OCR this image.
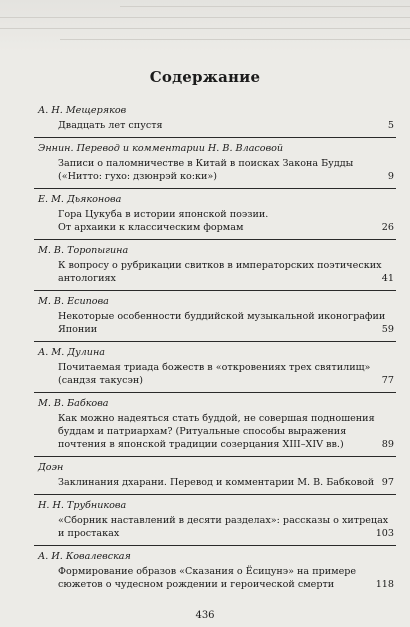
Содержание
А. Н. Мещеряков
Двадцать лет спустя	5
Эннин. Перевод и комментарии Н. В. Власовой
Записи о паломничестве в Китай в поисках Закона Будды
(«Нитто: гухо: дзюнрэй ко:ки»)	9
Е. М. Дьяконова
Гора Цукуба в истории японской поэзии.
От архаики к классическим формам	26
М. В. Торопыгина
К вопросу о рубрикации свитков в императорских поэтических
антологиях	41
М. В. Есипова
Некоторые особенности буддийской музыкальной иконографии
Японии	59
А. М. Дулина
Почитаемая триада божеств в «откровениях трех святилищ»
(сандзя такусэн)	77
М. В. Бабкова
Как можно надеяться стать буддой, не совершая подношения
буддам и патриархам? (Ритуальные способы выражения
почтения в японской традиции созерцания XIII–XIV вв.)	89
Доэн
Заклинания дхарани. Перевод и комментарии М. В. Бабковой 97
Н. Н. Трубникова
«Сборник наставлений в десяти разделах»: рассказы о хитрецах
и простаках	103
А. И. Ковалевская
Формирование образов «Сказания о Ёсицунэ» на примере
сюжетов о чудесном рождении и героической смерти	118
436
